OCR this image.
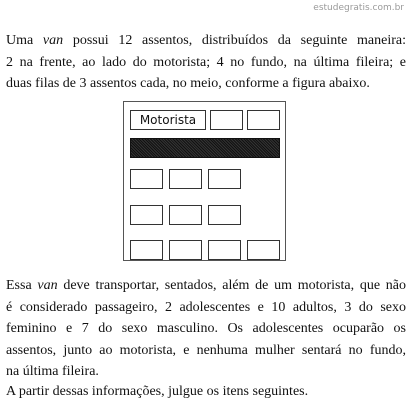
estudegratis.com.br
Uma van possui 12 assentos, distribuídos da seguinte maneira:
2 na frente, ao lado do motorista; 4 no fundo, na última fileira; e
duas filas de 3 assentos cada, no meio, conforme a figura abaixo.
Motorista
Essa van deve transportar, sentados, além de um motorista, que não
é considerado passageiro, 2 adolescentes e 10 adultos, 3 do sexo
feminino e 7 do sexo masculino. Os adolescentes ocuparão os
assentos, junto ao motorista, e nenhuma mulher sentará no fundo,
na última fileira.
A partir dessas informações, julgue os itens seguintes.
